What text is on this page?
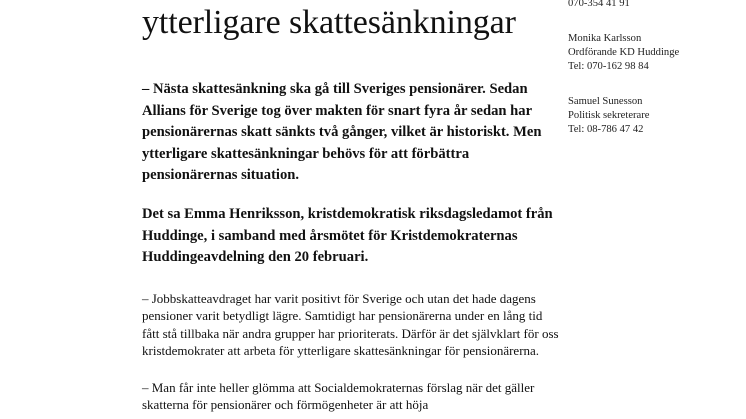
ytterligare skattesänkningar

– Nästa skattesänkning ska gå till Sveriges pensionärer. Sedan Allians för Sverige tog över makten för snart fyra år sedan har pensionärernas skatt sänkts två gånger, vilket är historiskt. Men ytterligare skattesänkningar behövs för att förbättra pensionärernas situation.

Det sa Emma Henriksson, kristdemokratisk riksdagsledamot från Huddinge, i samband med årsmötet för Kristdemokraternas Huddingeavdelning den 20 februari.

– Jobbskatteavdraget har varit positivt för Sverige och utan det hade dagens pensioner varit betydligt lägre. Samtidigt har pensionärerna under en lång tid fått stå tillbaka när andra grupper har prioriterats. Därför är det självklart för oss kristdemokrater att arbeta för ytterligare skattesänkningar för pensionärerna.

– Man får inte heller glömma att Socialdemokraternas förslag när det gäller skatterna för pensionärer och förmögenheter är att höja

070-354 41 91
Monika Karlsson
Ordförande KD Huddinge
Tel: 070-162 98 84
Samuel Sunesson
Politisk sekreterare
Tel: 08-786 47 42
